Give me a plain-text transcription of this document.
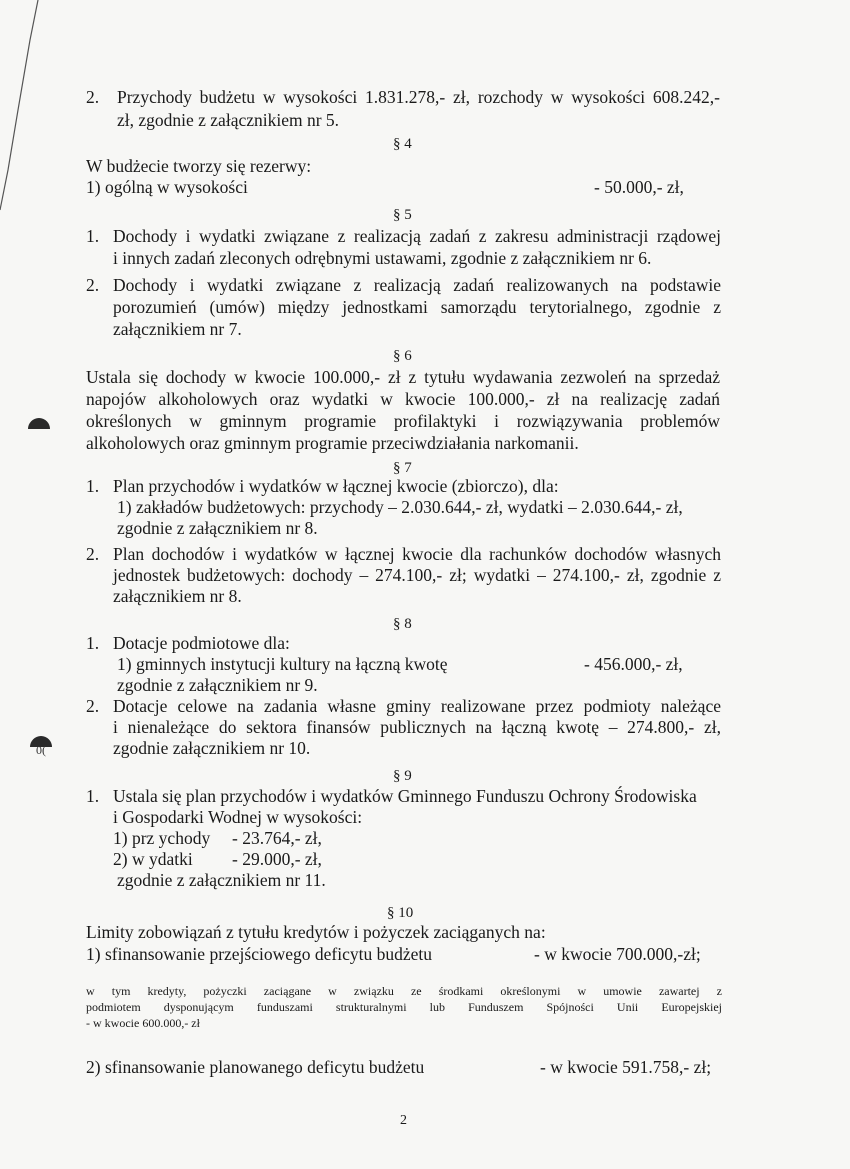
0(
2. Przychody budżetu w wysokości 1.831.278,- zł, rozchody w wysokości 608.242,-
zł, zgodnie z załącznikiem nr 5.
§ 4
W budżecie tworzy się rezerwy:
1) ogólną w wysokości	- 50.000,- zł,
§ 5
1. Dochody i wydatki związane z realizacją zadań z zakresu administracji rządowej
i innych zadań zleconych odrębnymi ustawami, zgodnie z załącznikiem nr 6.
2. Dochody i wydatki związane z realizacją zadań realizowanych na podstawie
porozumień (umów) między jednostkami samorządu terytorialnego, zgodnie z
załącznikiem nr 7.
§ 6
Ustala się dochody w kwocie 100.000,- zł z tytułu wydawania zezwoleń na sprzedaż
napojów alkoholowych oraz wydatki w kwocie 100.000,- zł na realizację zadań
określonych w gminnym programie profilaktyki i rozwiązywania problemów
alkoholowych oraz gminnym programie przeciwdziałania narkomanii.
§ 7
1. Plan przychodów i wydatków w łącznej kwocie (zbiorczo), dla:
1) zakładów budżetowych: przychody – 2.030.644,- zł, wydatki – 2.030.644,- zł,
zgodnie z załącznikiem nr 8.
2. Plan dochodów i wydatków w łącznej kwocie dla rachunków dochodów własnych
jednostek budżetowych: dochody – 274.100,- zł; wydatki – 274.100,- zł, zgodnie z
załącznikiem nr 8.
§ 8
1. Dotacje podmiotowe dla:
1) gminnych instytucji kultury na łączną kwotę	- 456.000,- zł,
zgodnie z załącznikiem nr 9.
2. Dotacje celowe na zadania własne gminy realizowane przez podmioty należące
i nienależące do sektora finansów publicznych na łączną kwotę – 274.800,- zł,
zgodnie załącznikiem nr 10.
§ 9
1. Ustala się plan przychodów i wydatków Gminnego Funduszu Ochrony Środowiska
i Gospodarki Wodnej w wysokości:
1) prz ychody - 23.764,- zł,
2) w ydatki - 29.000,- zł,
zgodnie z załącznikiem nr 11.
§ 10
Limity zobowiązań z tytułu kredytów i pożyczek zaciąganych na:
1) sfinansowanie przejściowego deficytu budżetu	- w kwocie 700.000,-zł;
w tym kredyty, pożyczki zaciągane w związku ze środkami określonymi w umowie zawartej z
podmiotem dysponującym funduszami strukturalnymi lub Funduszem Spójności Unii Europejskiej
- w kwocie 600.000,- zł
2) sfinansowanie planowanego deficytu budżetu	- w kwocie 591.758,- zł;
2
